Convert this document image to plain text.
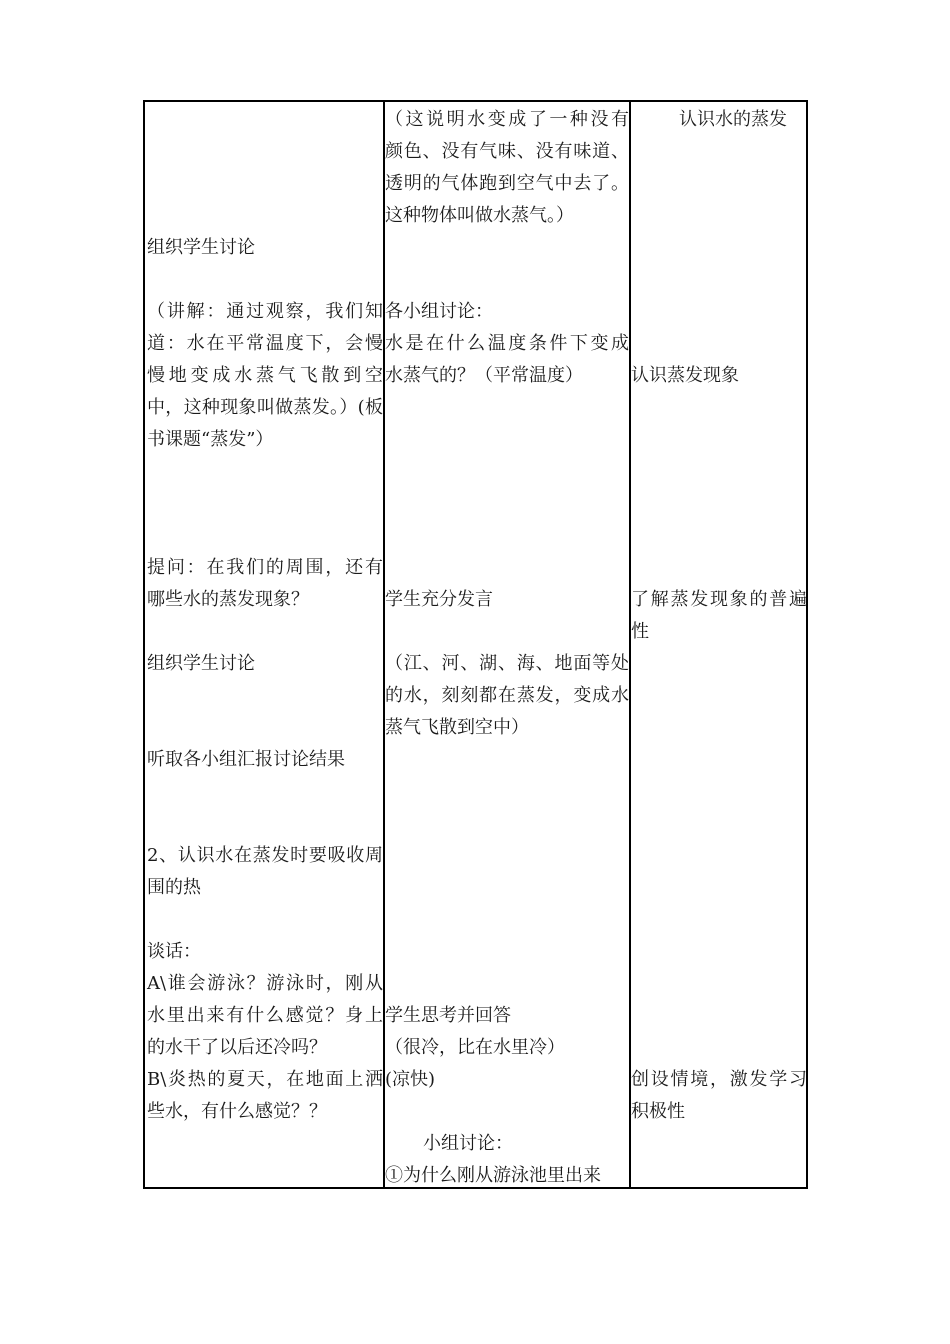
组织学生讨论
（讲解：通过观察，我们知
道：水在平常温度下，会慢
慢地变成水蒸气飞散到空
中，这种现象叫做蒸发。）(板
书课题“蒸发”）
提问：在我们的周围，还有
哪些水的蒸发现象？
组织学生讨论
听取各小组汇报讨论结果
2、认识水在蒸发时要吸收周
围的热
谈话：
A\谁会游泳？游泳时，刚从
水里出来有什么感觉？身上
的水干了以后还冷吗？
B\炎热的夏天，在地面上洒
些水，有什么感觉？？
（这说明水变成了一种没有
颜色、没有气味、没有味道、
透明的气体跑到空气中去了。
这种物体叫做水蒸气。）
各小组讨论：
水是在什么温度条件下变成
水蒸气的？（平常温度）
学生充分发言
（江、河、湖、海、地面等处
的水，刻刻都在蒸发，变成水
蒸气飞散到空中）
学生思考并回答
（很冷，比在水里冷）
(凉快)
小组讨论：
①为什么刚从游泳池里出来
认识水的蒸发
认识蒸发现象
了解蒸发现象的普遍
性
创设情境，激发学习
积极性
